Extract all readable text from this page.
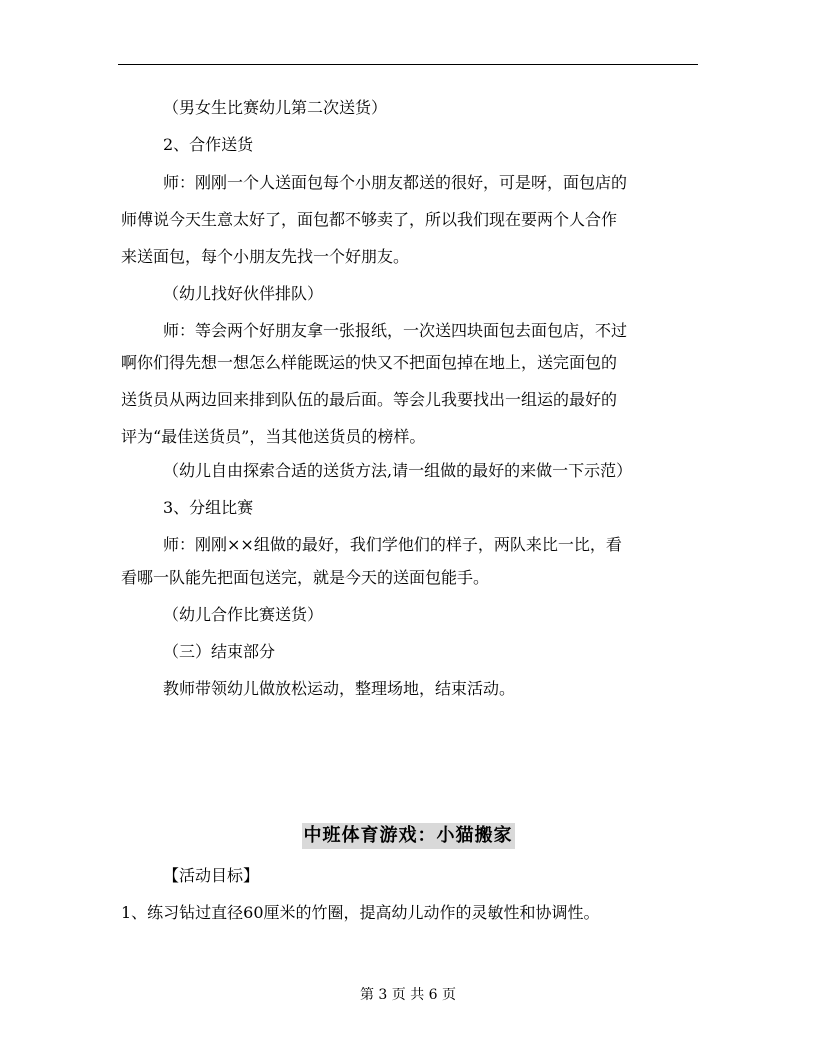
（男女生比赛幼儿第二次送货）
2、合作送货
师：刚刚一个人送面包每个小朋友都送的很好，可是呀，面包店的
师傅说今天生意太好了，面包都不够卖了，所以我们现在要两个人合作
来送面包，每个小朋友先找一个好朋友。
（幼儿找好伙伴排队）
师：等会两个好朋友拿一张报纸，一次送四块面包去面包店，不过
啊你们得先想一想怎么样能既运的快又不把面包掉在地上，送完面包的
送货员从两边回来排到队伍的最后面。等会儿我要找出一组运的最好的
评为“最佳送货员”，当其他送货员的榜样。
（幼儿自由探索合适的送货方法,请一组做的最好的来做一下示范）
3、分组比赛
师：刚刚××组做的最好，我们学他们的样子，两队来比一比，看
看哪一队能先把面包送完，就是今天的送面包能手。
（幼儿合作比赛送货）
（三）结束部分
教师带领幼儿做放松运动，整理场地，结束活动。
中班体育游戏：小猫搬家
【活动目标】
1、练习钻过直径60厘米的竹圈，提高幼儿动作的灵敏性和协调性。
第 3 页 共 6 页
